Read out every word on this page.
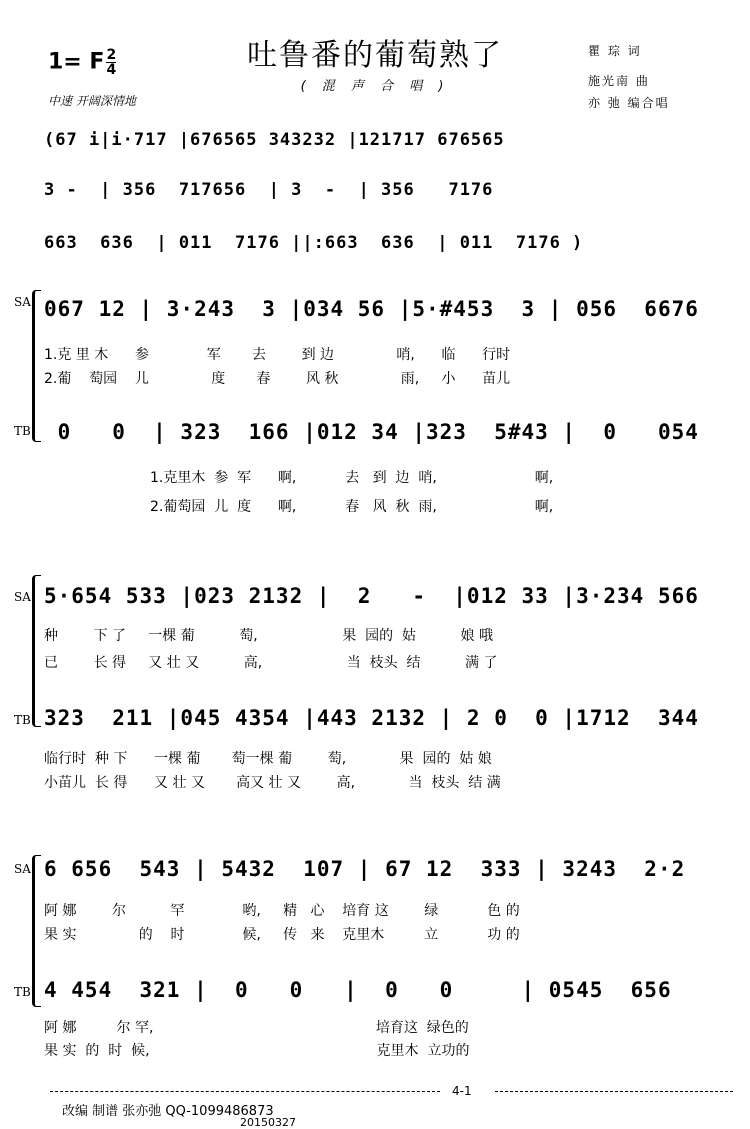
1= F $\frac{2}{4}$	吐鲁番的葡萄熟了
( 混 声 合 唱 )
中速 开阔深情地
瞿 琮 词
施光南 曲
亦 弛 编合唱
(67 i|i·717 |676565 343232 |121717 676565
3 -  | 356  717656  | 3  -  | 356   7176
663  636  | 011  7176 ||:663  636  | 011  7176 )
SA 067 12 | 3·243  3 |034 56 |5·#453  3 | 056  6676
1.克 里 木      参             军       去        到 边              哨,      临      行时
2.葡    萄园    儿              度       春        风 秋              雨,     小      苗儿
TB 0   0  | 323  166 |012 34 |323  5#43 |  0   054
1.克里木  参  军      啊,           去   到  边  哨,                      啊,
2.葡萄园  儿  度      啊,           春   风  秋  雨,                      啊,
SA 5·654 533 |023 2132 |  2   -  |012 33 |3·234 566
种        下 了     一棵 葡          萄,                   果  园的  姑          娘 哦
已        长 得     又 壮 又          高,                   当  枝头  结          满 了
TB 323  211 |045 4354 |443 2132 | 2 0  0 |1712  344
临行时  种 下      一棵 葡       萄一棵 葡        萄,            果  园的  姑 娘
小苗儿  长 得      又 壮 又       高又 壮 又        高,            当  枝头  结 满
SA 6 656  543 | 5432  107 | 67 12  333 | 3243  2·2
阿 娜        尔          罕             哟,     精   心    培育 这        绿           色 的
果 实              的    时             候,     传   来    克里木         立           功 的
TB 4 454  321 |  0   0   |  0   0     | 0545  656
阿 娜         尔 罕,                                                  培育这  绿色的
果 实  的  时  候,                                                   克里木  立功的
4-1
改编 制谱 张亦弛 QQ-1099486873
20150327
